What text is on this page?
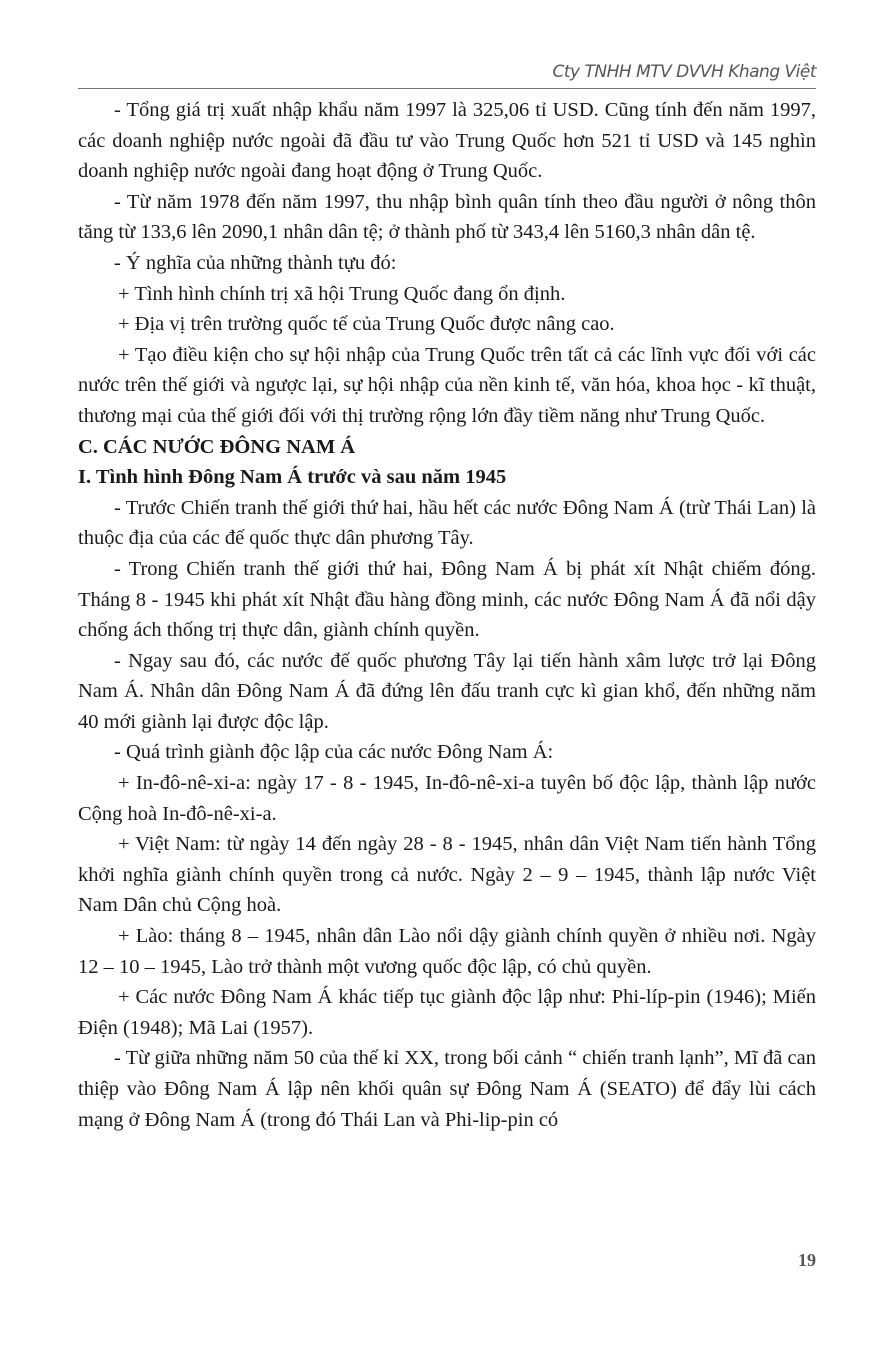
Cty TNHH MTV DVVH Khang Việt

- Tổng giá trị xuất nhập khẩu năm 1997 là 325,06 tỉ USD. Cũng tính đến năm 1997, các doanh nghiệp nước ngoài đã đầu tư vào Trung Quốc hơn 521 tỉ USD và 145 nghìn doanh nghiệp nước ngoài đang hoạt động ở Trung Quốc.

- Từ năm 1978 đến năm 1997, thu nhập bình quân tính theo đầu người ở nông thôn tăng từ 133,6 lên 2090,1 nhân dân tệ; ở thành phố từ 343,4 lên 5160,3 nhân dân tệ.

- Ý nghĩa của những thành tựu đó:

+ Tình hình chính trị xã hội Trung Quốc đang ổn định.

+ Địa vị trên trường quốc tế của Trung Quốc được nâng cao.

+ Tạo điều kiện cho sự hội nhập của Trung Quốc trên tất cả các lĩnh vực đối với các nước trên thế giới và ngược lại, sự hội nhập của nền kinh tế, văn hóa, khoa học - kĩ thuật, thương mại của thế giới đối với thị trường rộng lớn đầy tiềm năng như Trung Quốc.

C. CÁC NƯỚC ĐÔNG NAM Á

I. Tình hình Đông Nam Á trước và sau năm 1945

- Trước Chiến tranh thế giới thứ hai, hầu hết các nước Đông Nam Á (trừ Thái Lan) là thuộc địa của các đế quốc thực dân phương Tây.

- Trong Chiến tranh thế giới thứ hai, Đông Nam Á bị phát xít Nhật chiếm đóng. Tháng 8 - 1945 khi phát xít Nhật đầu hàng đồng minh, các nước Đông Nam Á đã nổi dậy chống ách thống trị thực dân, giành chính quyền.

- Ngay sau đó, các nước đế quốc phương Tây lại tiến hành xâm lược trở lại Đông Nam Á. Nhân dân Đông Nam Á đã đứng lên đấu tranh cực kì gian khổ, đến những năm 40 mới giành lại được độc lập.

- Quá trình giành độc lập của các nước Đông Nam Á:

+ In-đô-nê-xi-a: ngày 17 - 8 - 1945, In-đô-nê-xi-a tuyên bố độc lập, thành lập nước Cộng hoà In-đô-nê-xi-a.

+ Việt Nam: từ ngày 14 đến ngày 28 - 8 - 1945, nhân dân Việt Nam tiến hành Tổng khởi nghĩa giành chính quyền trong cả nước. Ngày 2 – 9 – 1945, thành lập nước Việt Nam Dân chủ Cộng hoà.

+ Lào: tháng 8 – 1945, nhân dân Lào nổi dậy giành chính quyền ở nhiều nơi. Ngày 12 – 10 – 1945, Lào trở thành một vương quốc độc lập, có chủ quyền.

+ Các nước Đông Nam Á khác tiếp tục giành độc lập như: Phi-líp-pin (1946); Miến Điện (1948); Mã Lai (1957).

- Từ giữa những năm 50 của thế kỉ XX, trong bối cảnh “ chiến tranh lạnh”, Mĩ đã can thiệp vào Đông Nam Á lập nên khối quân sự Đông Nam Á (SEATO) để đẩy lùi cách mạng ở Đông Nam Á (trong đó Thái Lan và Phi-lip-pin có

19
